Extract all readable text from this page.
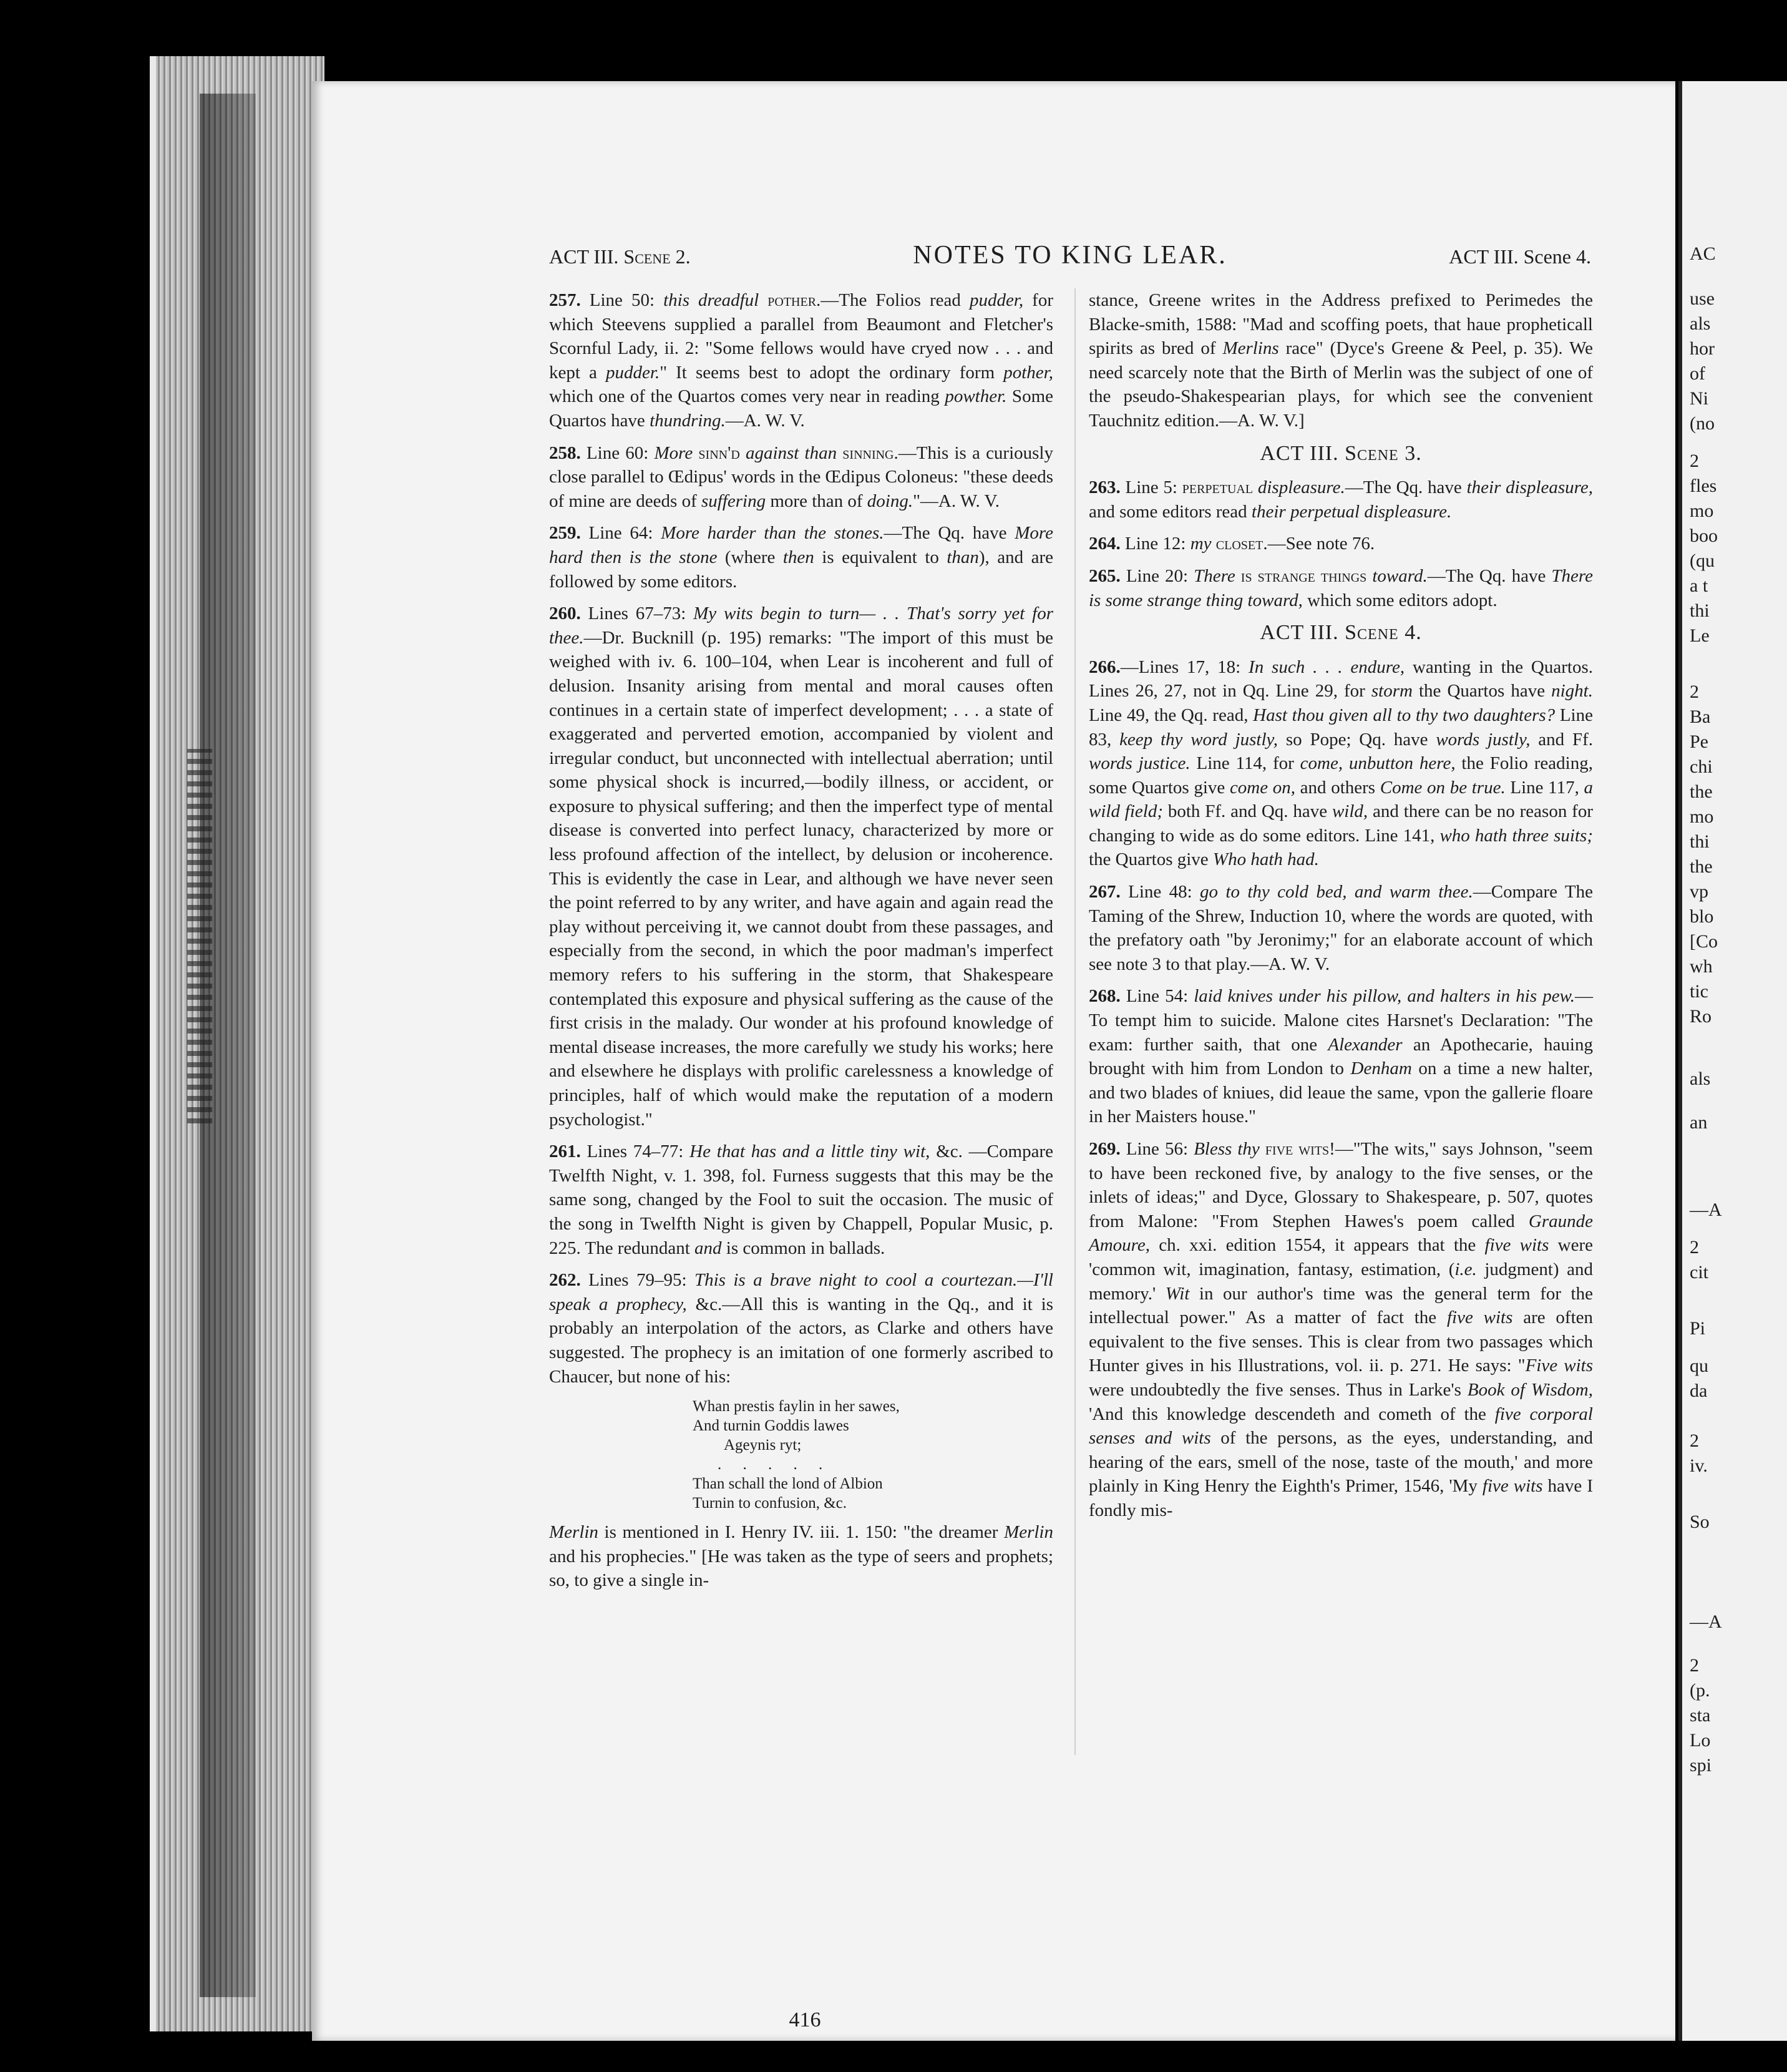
AC
use
als
hor
of
Ni
(no
2
fles
mo
boo
(qu
a t
thi
Le
2
Ba
Pe
chi
the
mo
thi
the
vp
blo
[Co
wh
tic
Ro
als
an
—A
2
cit
Pi
qu
da
2
iv.
So
—A
2
(p.
sta
Lo
spi
ACT III. Scene 2.	NOTES TO KING LEAR.	ACT III. Scene 4.

257. Line 50: this dreadful pother.—The Folios read pudder, for which Steevens supplied a parallel from Beaumont and Fletcher's Scornful Lady, ii. 2: "Some fellows would have cryed now . . . and kept a pudder." It seems best to adopt the ordinary form pother, which one of the Quartos comes very near in reading powther. Some Quartos have thundring.—A. W. V.

258. Line 60: More sinn'd against than sinning.—This is a curiously close parallel to Œdipus' words in the Œdipus Coloneus: "these deeds of mine are deeds of suffering more than of doing."—A. W. V.

259. Line 64: More harder than the stones.—The Qq. have More hard then is the stone (where then is equivalent to than), and are followed by some editors.

260. Lines 67–73: My wits begin to turn— . . That's sorry yet for thee.—Dr. Bucknill (p. 195) remarks: "The import of this must be weighed with iv. 6. 100–104, when Lear is incoherent and full of delusion. Insanity arising from mental and moral causes often continues in a certain state of imperfect development; . . . a state of exaggerated and perverted emotion, accompanied by violent and irregular conduct, but unconnected with intellectual aberration; until some physical shock is incurred,—bodily illness, or accident, or exposure to physical suffering; and then the imperfect type of mental disease is converted into perfect lunacy, characterized by more or less profound affection of the intellect, by delusion or incoherence. This is evidently the case in Lear, and although we have never seen the point referred to by any writer, and have again and again read the play without perceiving it, we cannot doubt from these passages, and especially from the second, in which the poor madman's imperfect memory refers to his suffering in the storm, that Shakespeare contemplated this exposure and physical suffering as the cause of the first crisis in the malady. Our wonder at his profound knowledge of mental disease increases, the more carefully we study his works; here and elsewhere he displays with prolific carelessness a knowledge of principles, half of which would make the reputation of a modern psychologist."

261. Lines 74–77: He that has and a little tiny wit, &c. —Compare Twelfth Night, v. 1. 398, fol. Furness suggests that this may be the same song, changed by the Fool to suit the occasion. The music of the song in Twelfth Night is given by Chappell, Popular Music, p. 225. The redundant and is common in ballads.

262. Lines 79–95: This is a brave night to cool a courtezan.—I'll speak a prophecy, &c.—All this is wanting in the Qq., and it is probably an interpolation of the actors, as Clarke and others have suggested. The prophecy is an imitation of one formerly ascribed to Chaucer, but none of his:

Whan prestis faylin in her sawes,
And turnin Goddis lawes
Ageynis ryt;
. . . . .
Than schall the lond of Albion
Turnin to confusion, &c.

Merlin is mentioned in I. Henry IV. iii. 1. 150: "the dreamer Merlin and his prophecies." [He was taken as the type of seers and prophets; so, to give a single in-

stance, Greene writes in the Address prefixed to Perimedes the Blacke-smith, 1588: "Mad and scoffing poets, that haue propheticall spirits as bred of Merlins race" (Dyce's Greene & Peel, p. 35). We need scarcely note that the Birth of Merlin was the subject of one of the pseudo-Shakespearian plays, for which see the convenient Tauchnitz edition.—A. W. V.]

ACT III. Scene 3.

263. Line 5: perpetual displeasure.—The Qq. have their displeasure, and some editors read their perpetual displeasure.

264. Line 12: my closet.—See note 76.

265. Line 20: There is strange things toward.—The Qq. have There is some strange thing toward, which some editors adopt.

ACT III. Scene 4.

266.—Lines 17, 18: In such . . . endure, wanting in the Quartos. Lines 26, 27, not in Qq. Line 29, for storm the Quartos have night. Line 49, the Qq. read, Hast thou given all to thy two daughters? Line 83, keep thy word justly, so Pope; Qq. have words justly, and Ff. words justice. Line 114, for come, unbutton here, the Folio reading, some Quartos give come on, and others Come on be true. Line 117, a wild field; both Ff. and Qq. have wild, and there can be no reason for changing to wide as do some editors. Line 141, who hath three suits; the Quartos give Who hath had.

267. Line 48: go to thy cold bed, and warm thee.—Compare The Taming of the Shrew, Induction 10, where the words are quoted, with the prefatory oath "by Jeronimy;" for an elaborate account of which see note 3 to that play.—A. W. V.

268. Line 54: laid knives under his pillow, and halters in his pew.—To tempt him to suicide. Malone cites Harsnet's Declaration: "The exam: further saith, that one Alexander an Apothecarie, hauing brought with him from London to Denham on a time a new halter, and two blades of kniues, did leaue the same, vpon the gallerie floare in her Maisters house."

269. Line 56: Bless thy five wits!—"The wits," says Johnson, "seem to have been reckoned five, by analogy to the five senses, or the inlets of ideas;" and Dyce, Glossary to Shakespeare, p. 507, quotes from Malone: "From Stephen Hawes's poem called Graunde Amoure, ch. xxi. edition 1554, it appears that the five wits were 'common wit, imagination, fantasy, estimation, (i.e. judgment) and memory.' Wit in our author's time was the general term for the intellectual power." As a matter of fact the five wits are often equivalent to the five senses. This is clear from two passages which Hunter gives in his Illustrations, vol. ii. p. 271. He says: "Five wits were undoubtedly the five senses. Thus in Larke's Book of Wisdom, 'And this knowledge descendeth and cometh of the five corporal senses and wits of the persons, as the eyes, understanding, and hearing of the ears, smell of the nose, taste of the mouth,' and more plainly in King Henry the Eighth's Primer, 1546, 'My five wits have I fondly mis-

416
